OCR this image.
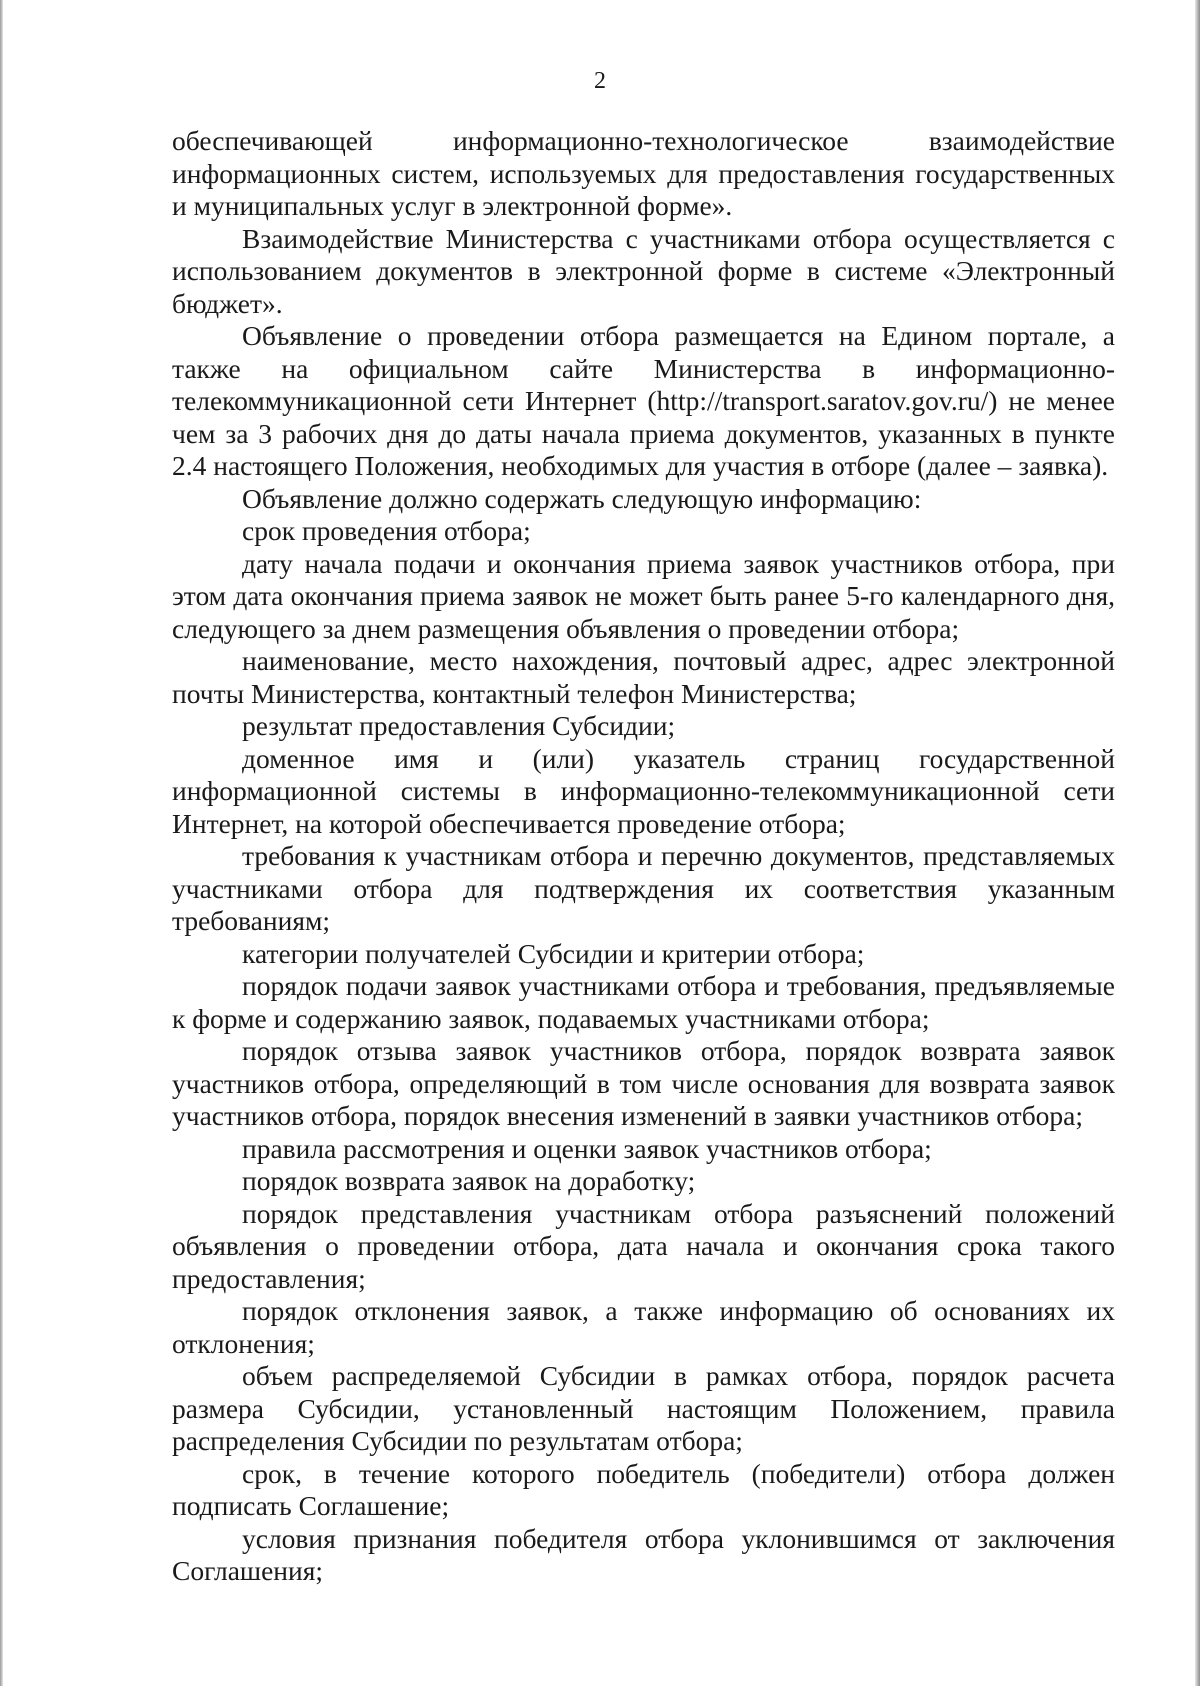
2

обеспечивающей информационно-технологическое взаимодействие информационных систем, используемых для предоставления государственных и муниципальных услуг в электронной форме».

Взаимодействие Министерства с участниками отбора осуществляется с использованием документов в электронной форме в системе «Электронный бюджет».

Объявление о проведении отбора размещается на Едином портале, а также на официальном сайте Министерства в информационно-телекоммуникационной сети Интернет (http://transport.saratov.gov.ru/) не менее чем за 3 рабочих дня до даты начала приема документов, указанных в пункте 2.4 настоящего Положения, необходимых для участия в отборе (далее – заявка).

Объявление должно содержать следующую информацию:

срок проведения отбора;

дату начала подачи и окончания приема заявок участников отбора, при этом дата окончания приема заявок не может быть ранее 5-го календарного дня, следующего за днем размещения объявления о проведении отбора;

наименование, место нахождения, почтовый адрес, адрес электронной почты Министерства, контактный телефон Министерства;

результат предоставления Субсидии;

доменное имя и (или) указатель страниц государственной информационной системы в информационно-телекоммуникационной сети Интернет, на которой обеспечивается проведение отбора;

требования к участникам отбора и перечню документов, представляемых участниками отбора для подтверждения их соответствия указанным требованиям;

категории получателей Субсидии и критерии отбора;

порядок подачи заявок участниками отбора и требования, предъявляемые к форме и содержанию заявок, подаваемых участниками отбора;

порядок отзыва заявок участников отбора, порядок возврата заявок участников отбора, определяющий в том числе основания для возврата заявок участников отбора, порядок внесения изменений в заявки участников отбора;

правила рассмотрения и оценки заявок участников отбора;

порядок возврата заявок на доработку;

порядок представления участникам отбора разъяснений положений объявления о проведении отбора, дата начала и окончания срока такого предоставления;

порядок отклонения заявок, а также информацию об основаниях их отклонения;

объем распределяемой Субсидии в рамках отбора, порядок расчета размера Субсидии, установленный настоящим Положением, правила распределения Субсидии по результатам отбора;

срок, в течение которого победитель (победители) отбора должен подписать Соглашение;

условия признания победителя отбора уклонившимся от заключения Соглашения;
